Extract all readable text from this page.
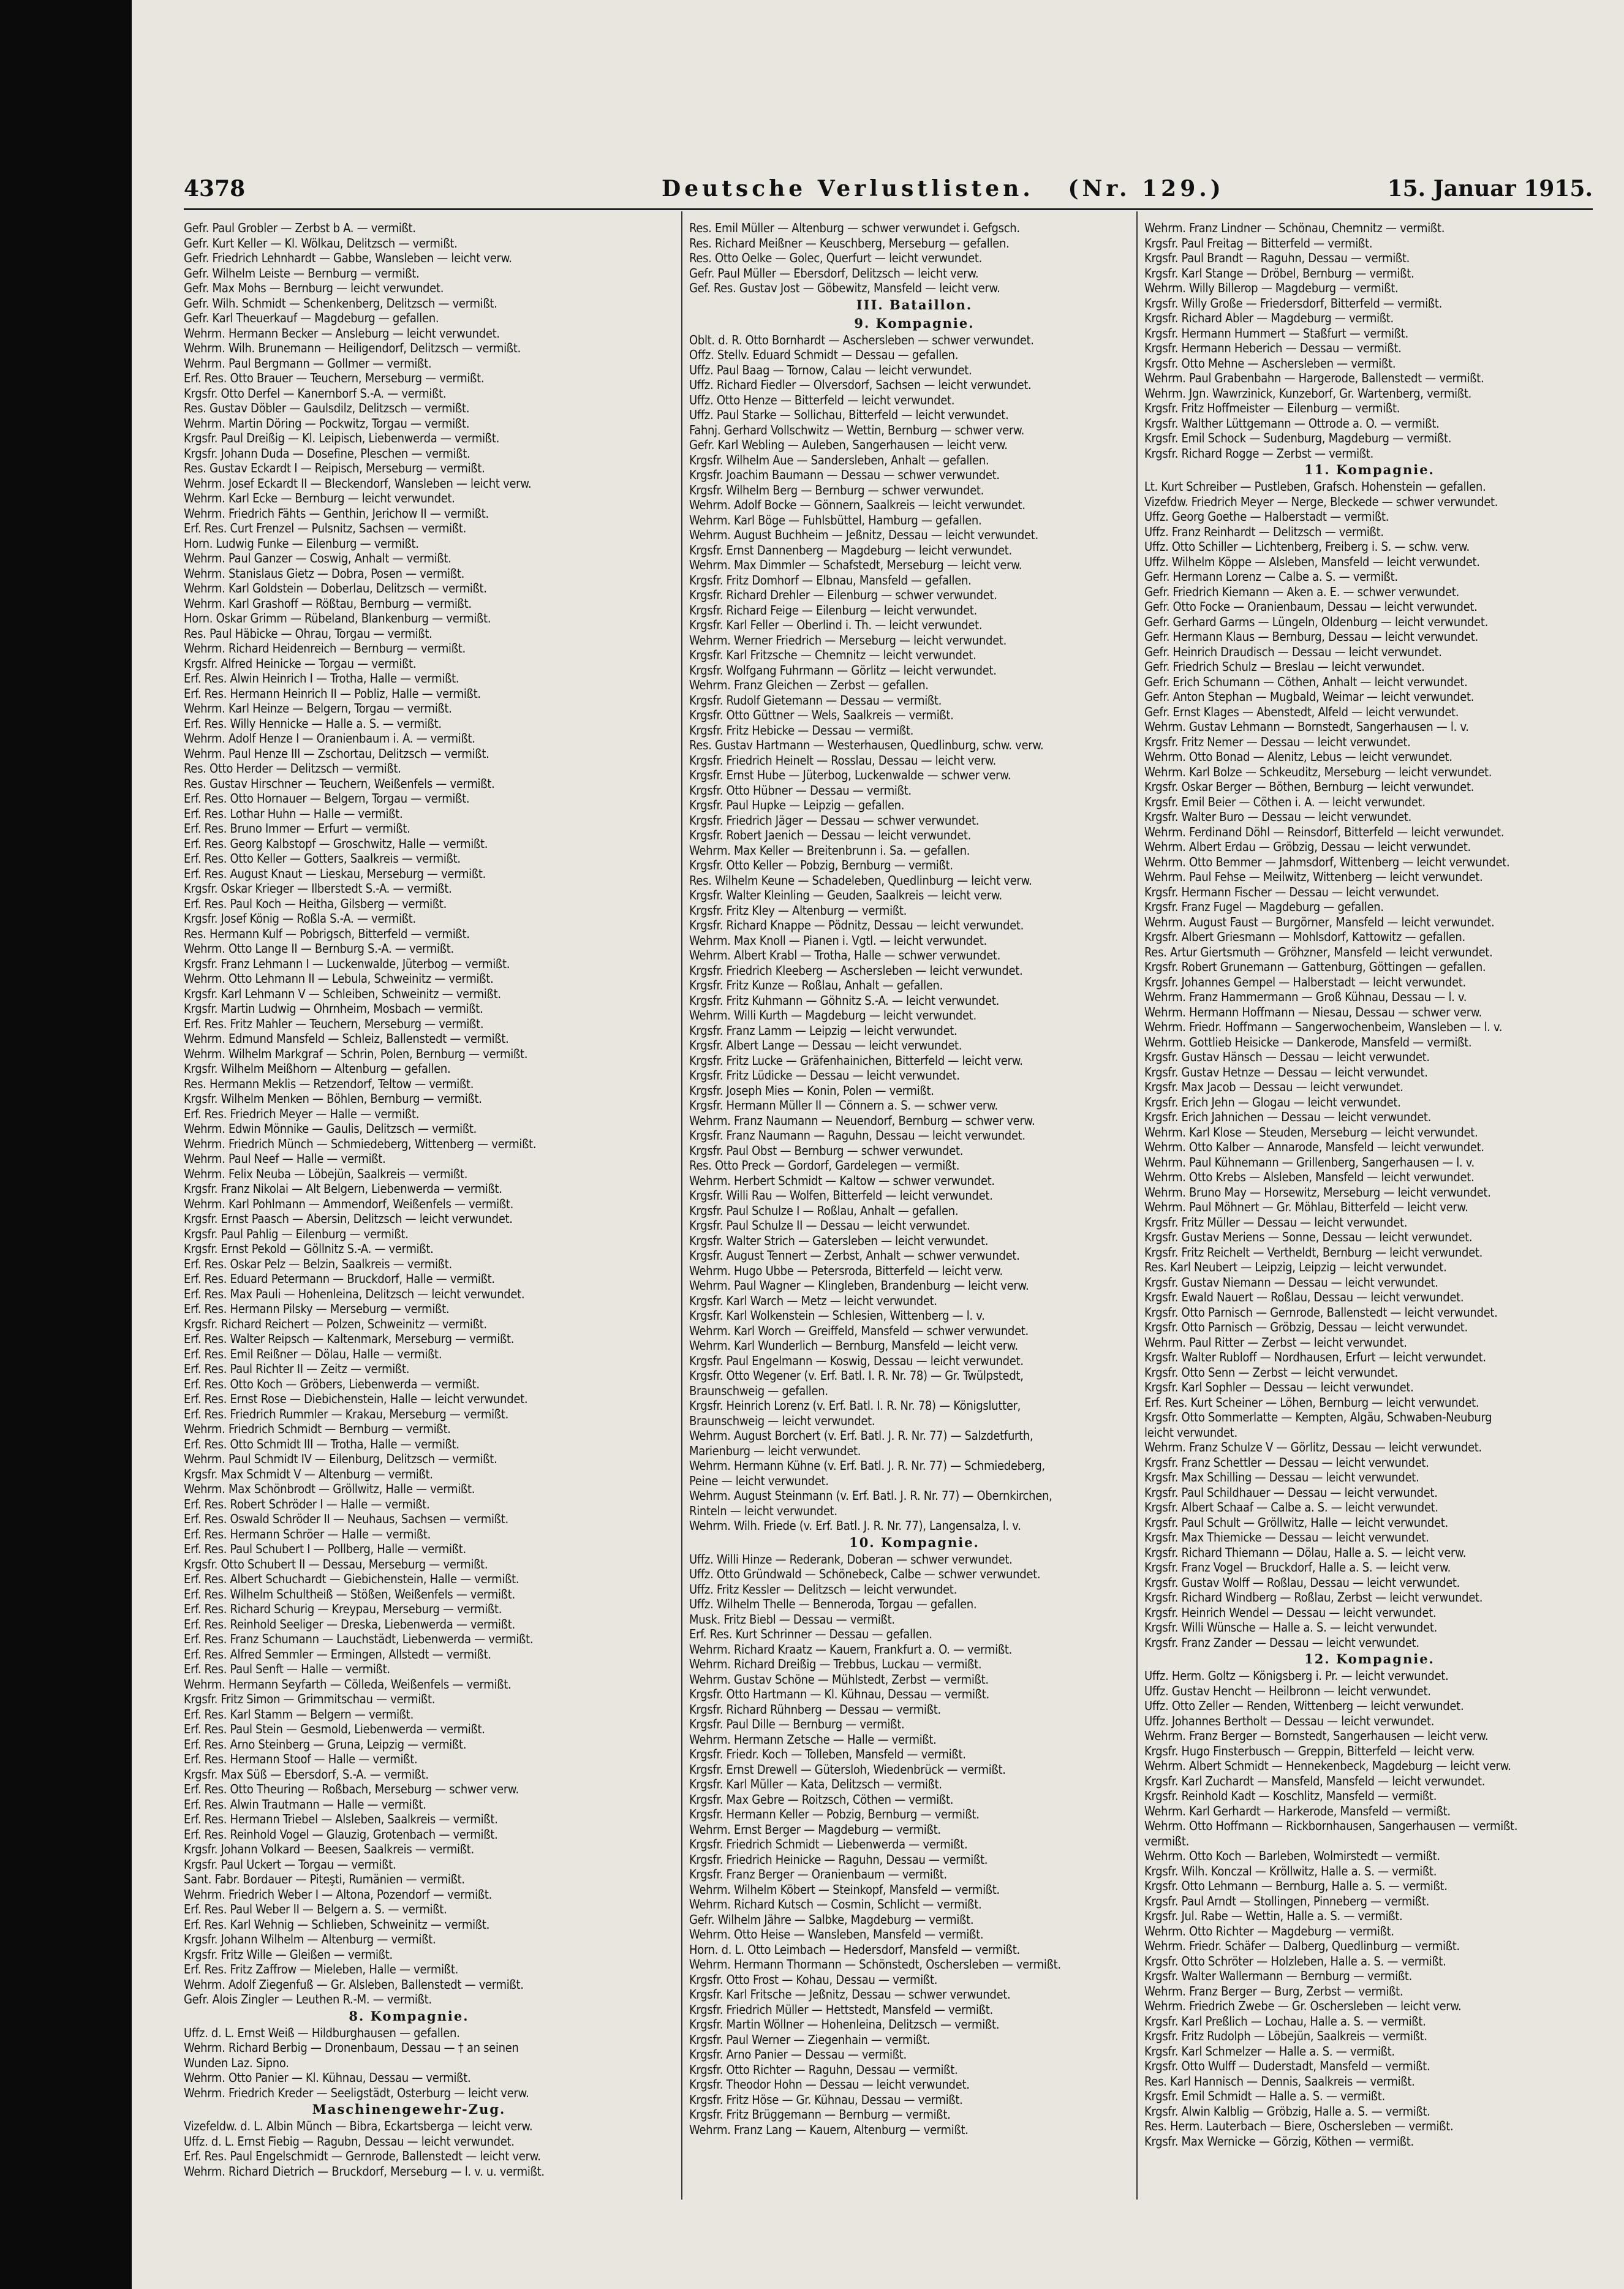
4378	Deutsche Verlustlisten. (Nr. 129.)	15. Januar 1915.
Gefr. Paul Grobler — Zerbst b A. — vermißt.
Gefr. Kurt Keller — Kl. Wölkau, Delitzsch — vermißt.
Gefr. Friedrich Lehnhardt — Gabbe, Wansleben — leicht verw.
Gefr. Wilhelm Leiste — Bernburg — vermißt.
Gefr. Max Mohs — Bernburg — leicht verwundet.
Gefr. Wilh. Schmidt — Schenkenberg, Delitzsch — vermißt.
Gefr. Karl Theuerkauf — Magdeburg — gefallen.
Wehrm. Hermann Becker — Ansleburg — leicht verwundet.
Wehrm. Wilh. Brunemann — Heiligendorf, Delitzsch — vermißt.
Wehrm. Paul Bergmann — Gollmer — vermißt.
Erf. Res. Otto Brauer — Teuchern, Merseburg — vermißt.
Krgsfr. Otto Derfel — Kanernborf S.-A. — vermißt.
Res. Gustav Döbler — Gaulsdilz, Delitzsch — vermißt.
Wehrm. Martin Döring — Pockwitz, Torgau — vermißt.
Krgsfr. Paul Dreißig — Kl. Leipisch, Liebenwerda — vermißt.
Krgsfr. Johann Duda — Dosefine, Pleschen — vermißt.
Res. Gustav Eckardt I — Reipisch, Merseburg — vermißt.
Wehrm. Josef Eckardt II — Bleckendorf, Wansleben — leicht verw.
Wehrm. Karl Ecke — Bernburg — leicht verwundet.
Wehrm. Friedrich Fähts — Genthin, Jerichow II — vermißt.
Erf. Res. Curt Frenzel — Pulsnitz, Sachsen — vermißt.
Horn. Ludwig Funke — Eilenburg — vermißt.
Wehrm. Paul Ganzer — Coswig, Anhalt — vermißt.
Wehrm. Stanislaus Gietz — Dobra, Posen — vermißt.
Wehrm. Karl Goldstein — Doberlau, Delitzsch — vermißt.
Wehrm. Karl Grashoff — Rößtau, Bernburg — vermißt.
Horn. Oskar Grimm — Rübeland, Blankenburg — vermißt.
Res. Paul Häbicke — Ohrau, Torgau — vermißt.
Wehrm. Richard Heidenreich — Bernburg — vermißt.
Krgsfr. Alfred Heinicke — Torgau — vermißt.
Erf. Res. Alwin Heinrich I — Trotha, Halle — vermißt.
Erf. Res. Hermann Heinrich II — Pobliz, Halle — vermißt.
Wehrm. Karl Heinze — Belgern, Torgau — vermißt.
Erf. Res. Willy Hennicke — Halle a. S. — vermißt.
Wehrm. Adolf Henze I — Oranienbaum i. A. — vermißt.
Wehrm. Paul Henze III — Zschortau, Delitzsch — vermißt.
Res. Otto Herder — Delitzsch — vermißt.
Res. Gustav Hirschner — Teuchern, Weißenfels — vermißt.
Erf. Res. Otto Hornauer — Belgern, Torgau — vermißt.
Erf. Res. Lothar Huhn — Halle — vermißt.
Erf. Res. Bruno Immer — Erfurt — vermißt.
Erf. Res. Georg Kalbstopf — Groschwitz, Halle — vermißt.
Erf. Res. Otto Keller — Gotters, Saalkreis — vermißt.
Erf. Res. August Knaut — Lieskau, Merseburg — vermißt.
Krgsfr. Oskar Krieger — Ilberstedt S.-A. — vermißt.
Erf. Res. Paul Koch — Heitha, Gilsberg — vermißt.
Krgsfr. Josef König — Roßla S.-A. — vermißt.
Res. Hermann Kulf — Pobrigsch, Bitterfeld — vermißt.
Wehrm. Otto Lange II — Bernburg S.-A. — vermißt.
Krgsfr. Franz Lehmann I — Luckenwalde, Jüterbog — vermißt.
Wehrm. Otto Lehmann II — Lebula, Schweinitz — vermißt.
Krgsfr. Karl Lehmann V — Schleiben, Schweinitz — vermißt.
Krgsfr. Martin Ludwig — Ohrnheim, Mosbach — vermißt.
Erf. Res. Fritz Mahler — Teuchern, Merseburg — vermißt.
Wehrm. Edmund Mansfeld — Schleiz, Ballenstedt — vermißt.
Wehrm. Wilhelm Markgraf — Schrin, Polen, Bernburg — vermißt.
Krgsfr. Wilhelm Meißhorn — Altenburg — gefallen.
Res. Hermann Meklis — Retzendorf, Teltow — vermißt.
Krgsfr. Wilhelm Menken — Böhlen, Bernburg — vermißt.
Erf. Res. Friedrich Meyer — Halle — vermißt.
Wehrm. Edwin Mönnike — Gaulis, Delitzsch — vermißt.
Wehrm. Friedrich Münch — Schmiedeberg, Wittenberg — vermißt.
Wehrm. Paul Neef — Halle — vermißt.
Wehrm. Felix Neuba — Löbejün, Saalkreis — vermißt.
Krgsfr. Franz Nikolai — Alt Belgern, Liebenwerda — vermißt.
Wehrm. Karl Pohlmann — Ammendorf, Weißenfels — vermißt.
Krgsfr. Ernst Paasch — Abersin, Delitzsch — leicht verwundet.
Krgsfr. Paul Pahlig — Eilenburg — vermißt.
Krgsfr. Ernst Pekold — Göllnitz S.-A. — vermißt.
Erf. Res. Oskar Pelz — Belzin, Saalkreis — vermißt.
Erf. Res. Eduard Petermann — Bruckdorf, Halle — vermißt.
Erf. Res. Max Pauli — Hohenleina, Delitzsch — leicht verwundet.
Erf. Res. Hermann Pilsky — Merseburg — vermißt.
Krgsfr. Richard Reichert — Polzen, Schweinitz — vermißt.
Erf. Res. Walter Reipsch — Kaltenmark, Merseburg — vermißt.
Erf. Res. Emil Reißner — Dölau, Halle — vermißt.
Erf. Res. Paul Richter II — Zeitz — vermißt.
Erf. Res. Otto Koch — Gröbers, Liebenwerda — vermißt.
Erf. Res. Ernst Rose — Diebichenstein, Halle — leicht verwundet.
Erf. Res. Friedrich Rummler — Krakau, Merseburg — vermißt.
Wehrm. Friedrich Schmidt — Bernburg — vermißt.
Erf. Res. Otto Schmidt III — Trotha, Halle — vermißt.
Wehrm. Paul Schmidt IV — Eilenburg, Delitzsch — vermißt.
Krgsfr. Max Schmidt V — Altenburg — vermißt.
Wehrm. Max Schönbrodt — Gröllwitz, Halle — vermißt.
Erf. Res. Robert Schröder I — Halle — vermißt.
Erf. Res. Oswald Schröder II — Neuhaus, Sachsen — vermißt.
Erf. Res. Hermann Schröer — Halle — vermißt.
Erf. Res. Paul Schubert I — Pollberg, Halle — vermißt.
Krgsfr. Otto Schubert II — Dessau, Merseburg — vermißt.
Erf. Res. Albert Schuchardt — Giebichenstein, Halle — vermißt.
Erf. Res. Wilhelm Schultheiß — Stößen, Weißenfels — vermißt.
Erf. Res. Richard Schurig — Kreypau, Merseburg — vermißt.
Erf. Res. Reinhold Seeliger — Dreska, Liebenwerda — vermißt.
Erf. Res. Franz Schumann — Lauchstädt, Liebenwerda — vermißt.
Erf. Res. Alfred Semmler — Ermingen, Allstedt — vermißt.
Erf. Res. Paul Senft — Halle — vermißt.
Wehrm. Hermann Seyfarth — Cölleda, Weißenfels — vermißt.
Krgsfr. Fritz Simon — Grimmitschau — vermißt.
Erf. Res. Karl Stamm — Belgern — vermißt.
Erf. Res. Paul Stein — Gesmold, Liebenwerda — vermißt.
Erf. Res. Arno Steinberg — Gruna, Leipzig — vermißt.
Erf. Res. Hermann Stoof — Halle — vermißt.
Krgsfr. Max Süß — Ebersdorf, S.-A. — vermißt.
Erf. Res. Otto Theuring — Roßbach, Merseburg — schwer verw.
Erf. Res. Alwin Trautmann — Halle — vermißt.
Erf. Res. Hermann Triebel — Alsleben, Saalkreis — vermißt.
Erf. Res. Reinhold Vogel — Glauzig, Grotenbach — vermißt.
Krgsfr. Johann Volkard — Beesen, Saalkreis — vermißt.
Krgsfr. Paul Uckert — Torgau — vermißt.
Sant. Fabr. Bordauer — Piteşti, Rumänien — vermißt.
Wehrm. Friedrich Weber I — Altona, Pozendorf — vermißt.
Erf. Res. Paul Weber II — Belgern a. S. — vermißt.
Erf. Res. Karl Wehnig — Schlieben, Schweinitz — vermißt.
Krgsfr. Johann Wilhelm — Altenburg — vermißt.
Krgsfr. Fritz Wille — Gleißen — vermißt.
Erf. Res. Fritz Zaffrow — Mieleben, Halle — vermißt.
Wehrm. Adolf Ziegenfuß — Gr. Alsleben, Ballenstedt — vermißt.
Gefr. Alois Zingler — Leuthen R.-M. — vermißt.
8. Kompagnie.
Uffz. d. L. Ernst Weiß — Hildburghausen — gefallen.
Wehrm. Richard Berbig — Dronenbaum, Dessau — † an seinen
Wunden Laz. Sipno.
Wehrm. Otto Panier — Kl. Kühnau, Dessau — vermißt.
Wehrm. Friedrich Kreder — Seeligstädt, Osterburg — leicht verw.
Maschinengewehr-Zug.
Vizefeldw. d. L. Albin Münch — Bibra, Eckartsberga — leicht verw.
Uffz. d. L. Ernst Fiebig — Ragubn, Dessau — leicht verwundet.
Erf. Res. Paul Engelschmidt — Gernrode, Ballenstedt — leicht verw.
Wehrm. Richard Dietrich — Bruckdorf, Merseburg — l. v. u. vermißt.
Res. Emil Müller — Altenburg — schwer verwundet i. Gefgsch.
Res. Richard Meißner — Keuschberg, Merseburg — gefallen.
Res. Otto Oelke — Golec, Querfurt — leicht verwundet.
Gefr. Paul Müller — Ebersdorf, Delitzsch — leicht verw.
Gef. Res. Gustav Jost — Göbewitz, Mansfeld — leicht verw.
III. Bataillon.
9. Kompagnie.
Oblt. d. R. Otto Bornhardt — Aschersleben — schwer verwundet.
Offz. Stellv. Eduard Schmidt — Dessau — gefallen.
Uffz. Paul Baag — Tornow, Calau — leicht verwundet.
Uffz. Richard Fiedler — Olversdorf, Sachsen — leicht verwundet.
Uffz. Otto Henze — Bitterfeld — leicht verwundet.
Uffz. Paul Starke — Sollichau, Bitterfeld — leicht verwundet.
Fahnj. Gerhard Vollschwitz — Wettin, Bernburg — schwer verw.
Gefr. Karl Webling — Auleben, Sangerhausen — leicht verw.
Krgsfr. Wilhelm Aue — Sandersleben, Anhalt — gefallen.
Krgsfr. Joachim Baumann — Dessau — schwer verwundet.
Krgsfr. Wilhelm Berg — Bernburg — schwer verwundet.
Wehrm. Adolf Bocke — Gönnern, Saalkreis — leicht verwundet.
Wehrm. Karl Böge — Fuhlsbüttel, Hamburg — gefallen.
Wehrm. August Buchheim — Jeßnitz, Dessau — leicht verwundet.
Krgsfr. Ernst Dannenberg — Magdeburg — leicht verwundet.
Wehrm. Max Dimmler — Schafstedt, Merseburg — leicht verw.
Krgsfr. Fritz Domhorf — Elbnau, Mansfeld — gefallen.
Krgsfr. Richard Drehler — Eilenburg — schwer verwundet.
Krgsfr. Richard Feige — Eilenburg — leicht verwundet.
Krgsfr. Karl Feller — Oberlind i. Th. — leicht verwundet.
Wehrm. Werner Friedrich — Merseburg — leicht verwundet.
Krgsfr. Karl Fritzsche — Chemnitz — leicht verwundet.
Krgsfr. Wolfgang Fuhrmann — Görlitz — leicht verwundet.
Wehrm. Franz Gleichen — Zerbst — gefallen.
Krgsfr. Rudolf Gietemann — Dessau — vermißt.
Krgsfr. Otto Güttner — Wels, Saalkreis — vermißt.
Krgsfr. Fritz Hebicke — Dessau — vermißt.
Res. Gustav Hartmann — Westerhausen, Quedlinburg, schw. verw.
Krgsfr. Friedrich Heinelt — Rosslau, Dessau — leicht verw.
Krgsfr. Ernst Hube — Jüterbog, Luckenwalde — schwer verw.
Krgsfr. Otto Hübner — Dessau — vermißt.
Krgsfr. Paul Hupke — Leipzig — gefallen.
Krgsfr. Friedrich Jäger — Dessau — schwer verwundet.
Krgsfr. Robert Jaenich — Dessau — leicht verwundet.
Wehrm. Max Keller — Breitenbrunn i. Sa. — gefallen.
Krgsfr. Otto Keller — Pobzig, Bernburg — vermißt.
Res. Wilhelm Keune — Schadeleben, Quedlinburg — leicht verw.
Krgsfr. Walter Kleinling — Geuden, Saalkreis — leicht verw.
Krgsfr. Fritz Kley — Altenburg — vermißt.
Krgsfr. Richard Knappe — Pödnitz, Dessau — leicht verwundet.
Wehrm. Max Knoll — Pianen i. Vgtl. — leicht verwundet.
Wehrm. Albert Krabl — Trotha, Halle — schwer verwundet.
Krgsfr. Friedrich Kleeberg — Aschersleben — leicht verwundet.
Krgsfr. Fritz Kunze — Roßlau, Anhalt — gefallen.
Krgsfr. Fritz Kuhmann — Göhnitz S.-A. — leicht verwundet.
Wehrm. Willi Kurth — Magdeburg — leicht verwundet.
Krgsfr. Franz Lamm — Leipzig — leicht verwundet.
Krgsfr. Albert Lange — Dessau — leicht verwundet.
Krgsfr. Fritz Lucke — Gräfenhainichen, Bitterfeld — leicht verw.
Krgsfr. Fritz Lüdicke — Dessau — leicht verwundet.
Krgsfr. Joseph Mies — Konin, Polen — vermißt.
Krgsfr. Hermann Müller II — Cönnern a. S. — schwer verw.
Wehrm. Franz Naumann — Neuendorf, Bernburg — schwer verw.
Krgsfr. Franz Naumann — Raguhn, Dessau — leicht verwundet.
Krgsfr. Paul Obst — Bernburg — schwer verwundet.
Res. Otto Preck — Gordorf, Gardelegen — vermißt.
Wehrm. Herbert Schmidt — Kaltow — schwer verwundet.
Krgsfr. Willi Rau — Wolfen, Bitterfeld — leicht verwundet.
Krgsfr. Paul Schulze I — Roßlau, Anhalt — gefallen.
Krgsfr. Paul Schulze II — Dessau — leicht verwundet.
Krgsfr. Walter Strich — Gatersleben — leicht verwundet.
Krgsfr. August Tennert — Zerbst, Anhalt — schwer verwundet.
Wehrm. Hugo Ubbe — Petersroda, Bitterfeld — leicht verw.
Wehrm. Paul Wagner — Klingleben, Brandenburg — leicht verw.
Krgsfr. Karl Warch — Metz — leicht verwundet.
Krgsfr. Karl Wolkenstein — Schlesien, Wittenberg — l. v.
Wehrm. Karl Worch — Greiffeld, Mansfeld — schwer verwundet.
Wehrm. Karl Wunderlich — Bernburg, Mansfeld — leicht verw.
Krgsfr. Paul Engelmann — Koswig, Dessau — leicht verwundet.
Krgsfr. Otto Wegener (v. Erf. Batl. I. R. Nr. 78) — Gr. Twülpstedt,
Braunschweig — gefallen.
Krgsfr. Heinrich Lorenz (v. Erf. Batl. I. R. Nr. 78) — Königslutter,
Braunschweig — leicht verwundet.
Wehrm. August Borchert (v. Erf. Batl. J. R. Nr. 77) — Salzdetfurth,
Marienburg — leicht verwundet.
Wehrm. Hermann Kühne (v. Erf. Batl. J. R. Nr. 77) — Schmiedeberg,
Peine — leicht verwundet.
Wehrm. August Steinmann (v. Erf. Batl. J. R. Nr. 77) — Obernkirchen,
Rinteln — leicht verwundet.
Wehrm. Wilh. Friede (v. Erf. Batl. J. R. Nr. 77), Langensalza, l. v.
10. Kompagnie.
Uffz. Willi Hinze — Rederank, Doberan — schwer verwundet.
Uffz. Otto Gründwald — Schönebeck, Calbe — schwer verwundet.
Uffz. Fritz Kessler — Delitzsch — leicht verwundet.
Uffz. Wilhelm Thelle — Benneroda, Torgau — gefallen.
Musk. Fritz Biebl — Dessau — vermißt.
Erf. Res. Kurt Schrinner — Dessau — gefallen.
Wehrm. Richard Kraatz — Kauern, Frankfurt a. O. — vermißt.
Wehrm. Richard Dreißig — Trebbus, Luckau — vermißt.
Wehrm. Gustav Schöne — Mühlstedt, Zerbst — vermißt.
Krgsfr. Otto Hartmann — Kl. Kühnau, Dessau — vermißt.
Krgsfr. Richard Rühnberg — Dessau — vermißt.
Krgsfr. Paul Dille — Bernburg — vermißt.
Wehrm. Hermann Zetsche — Halle — vermißt.
Krgsfr. Friedr. Koch — Tolleben, Mansfeld — vermißt.
Krgsfr. Ernst Drewell — Gütersloh, Wiedenbrück — vermißt.
Krgsfr. Karl Müller — Kata, Delitzsch — vermißt.
Krgsfr. Max Gebre — Roitzsch, Cöthen — vermißt.
Krgsfr. Hermann Keller — Pobzig, Bernburg — vermißt.
Wehrm. Ernst Berger — Magdeburg — vermißt.
Krgsfr. Friedrich Schmidt — Liebenwerda — vermißt.
Krgsfr. Friedrich Heinicke — Raguhn, Dessau — vermißt.
Krgsfr. Franz Berger — Oranienbaum — vermißt.
Wehrm. Wilhelm Köbert — Steinkopf, Mansfeld — vermißt.
Wehrm. Richard Kutsch — Cosmin, Schlicht — vermißt.
Gefr. Wilhelm Jähre — Salbke, Magdeburg — vermißt.
Wehrm. Otto Heise — Wansleben, Mansfeld — vermißt.
Horn. d. L. Otto Leimbach — Hedersdorf, Mansfeld — vermißt.
Wehrm. Hermann Thormann — Schönstedt, Oschersleben — vermißt.
Krgsfr. Otto Frost — Kohau, Dessau — vermißt.
Krgsfr. Karl Fritsche — Jeßnitz, Dessau — schwer verwundet.
Krgsfr. Friedrich Müller — Hettstedt, Mansfeld — vermißt.
Krgsfr. Martin Wöllner — Hohenleina, Delitzsch — vermißt.
Krgsfr. Paul Werner — Ziegenhain — vermißt.
Krgsfr. Arno Panier — Dessau — vermißt.
Krgsfr. Otto Richter — Raguhn, Dessau — vermißt.
Krgsfr. Theodor Hohn — Dessau — leicht verwundet.
Krgsfr. Fritz Höse — Gr. Kühnau, Dessau — vermißt.
Krgsfr. Fritz Brüggemann — Bernburg — vermißt.
Wehrm. Franz Lang — Kauern, Altenburg — vermißt.
Wehrm. Franz Lindner — Schönau, Chemnitz — vermißt.
Krgsfr. Paul Freitag — Bitterfeld — vermißt.
Krgsfr. Paul Brandt — Raguhn, Dessau — vermißt.
Krgsfr. Karl Stange — Dröbel, Bernburg — vermißt.
Wehrm. Willy Billerop — Magdeburg — vermißt.
Krgsfr. Willy Große — Friedersdorf, Bitterfeld — vermißt.
Krgsfr. Richard Abler — Magdeburg — vermißt.
Krgsfr. Hermann Hummert — Staßfurt — vermißt.
Krgsfr. Hermann Heberich — Dessau — vermißt.
Krgsfr. Otto Mehne — Aschersleben — vermißt.
Wehrm. Paul Grabenbahn — Hargerode, Ballenstedt — vermißt.
Wehrm. Jgn. Wawrzinick, Kunzeborf, Gr. Wartenberg, vermißt.
Krgsfr. Fritz Hoffmeister — Eilenburg — vermißt.
Krgsfr. Walther Lüttgemann — Ottrode a. O. — vermißt.
Krgsfr. Emil Schock — Sudenburg, Magdeburg — vermißt.
Krgsfr. Richard Rogge — Zerbst — vermißt.
11. Kompagnie.
Lt. Kurt Schreiber — Pustleben, Grafsch. Hohenstein — gefallen.
Vizefdw. Friedrich Meyer — Nerge, Bleckede — schwer verwundet.
Uffz. Georg Goethe — Halberstadt — vermißt.
Uffz. Franz Reinhardt — Delitzsch — vermißt.
Uffz. Otto Schiller — Lichtenberg, Freiberg i. S. — schw. verw.
Uffz. Wilhelm Köppe — Alsleben, Mansfeld — leicht verwundet.
Gefr. Hermann Lorenz — Calbe a. S. — vermißt.
Gefr. Friedrich Kiemann — Aken a. E. — schwer verwundet.
Gefr. Otto Focke — Oranienbaum, Dessau — leicht verwundet.
Gefr. Gerhard Garms — Lüngeln, Oldenburg — leicht verwundet.
Gefr. Hermann Klaus — Bernburg, Dessau — leicht verwundet.
Gefr. Heinrich Draudisch — Dessau — leicht verwundet.
Gefr. Friedrich Schulz — Breslau — leicht verwundet.
Gefr. Erich Schumann — Cöthen, Anhalt — leicht verwundet.
Gefr. Anton Stephan — Mugbald, Weimar — leicht verwundet.
Gefr. Ernst Klages — Abenstedt, Alfeld — leicht verwundet.
Wehrm. Gustav Lehmann — Bornstedt, Sangerhausen — l. v.
Krgsfr. Fritz Nemer — Dessau — leicht verwundet.
Wehrm. Otto Bonad — Alenitz, Lebus — leicht verwundet.
Wehrm. Karl Bolze — Schkeuditz, Merseburg — leicht verwundet.
Krgsfr. Oskar Berger — Böthen, Bernburg — leicht verwundet.
Krgsfr. Emil Beier — Cöthen i. A. — leicht verwundet.
Krgsfr. Walter Buro — Dessau — leicht verwundet.
Wehrm. Ferdinand Döhl — Reinsdorf, Bitterfeld — leicht verwundet.
Wehrm. Albert Erdau — Gröbzig, Dessau — leicht verwundet.
Wehrm. Otto Bemmer — Jahmsdorf, Wittenberg — leicht verwundet.
Wehrm. Paul Fehse — Meilwitz, Wittenberg — leicht verwundet.
Krgsfr. Hermann Fischer — Dessau — leicht verwundet.
Krgsfr. Franz Fugel — Magdeburg — gefallen.
Wehrm. August Faust — Burgörner, Mansfeld — leicht verwundet.
Krgsfr. Albert Griesmann — Mohlsdorf, Kattowitz — gefallen.
Res. Artur Giertsmuth — Gröhzner, Mansfeld — leicht verwundet.
Krgsfr. Robert Grunemann — Gattenburg, Göttingen — gefallen.
Krgsfr. Johannes Gempel — Halberstadt — leicht verwundet.
Wehrm. Franz Hammermann — Groß Kühnau, Dessau — l. v.
Wehrm. Hermann Hoffmann — Niesau, Dessau — schwer verw.
Wehrm. Friedr. Hoffmann — Sangerwochenbeim, Wansleben — l. v.
Wehrm. Gottlieb Heisicke — Dankerode, Mansfeld — vermißt.
Krgsfr. Gustav Hänsch — Dessau — leicht verwundet.
Krgsfr. Gustav Hetnze — Dessau — leicht verwundet.
Krgsfr. Max Jacob — Dessau — leicht verwundet.
Krgsfr. Erich Jehn — Glogau — leicht verwundet.
Krgsfr. Erich Jahnichen — Dessau — leicht verwundet.
Wehrm. Karl Klose — Steuden, Merseburg — leicht verwundet.
Wehrm. Otto Kalber — Annarode, Mansfeld — leicht verwundet.
Wehrm. Paul Kühnemann — Grillenberg, Sangerhausen — l. v.
Wehrm. Otto Krebs — Alsleben, Mansfeld — leicht verwundet.
Wehrm. Bruno May — Horsewitz, Merseburg — leicht verwundet.
Wehrm. Paul Möhnert — Gr. Möhlau, Bitterfeld — leicht verw.
Krgsfr. Fritz Müller — Dessau — leicht verwundet.
Krgsfr. Gustav Meriens — Sonne, Dessau — leicht verwundet.
Krgsfr. Fritz Reichelt — Vertheldt, Bernburg — leicht verwundet.
Res. Karl Neubert — Leipzig, Leipzig — leicht verwundet.
Krgsfr. Gustav Niemann — Dessau — leicht verwundet.
Krgsfr. Ewald Nauert — Roßlau, Dessau — leicht verwundet.
Krgsfr. Otto Parnisch — Gernrode, Ballenstedt — leicht verwundet.
Krgsfr. Otto Parnisch — Gröbzig, Dessau — leicht verwundet.
Wehrm. Paul Ritter — Zerbst — leicht verwundet.
Krgsfr. Walter Rubloff — Nordhausen, Erfurt — leicht verwundet.
Krgsfr. Otto Senn — Zerbst — leicht verwundet.
Krgsfr. Karl Sophler — Dessau — leicht verwundet.
Erf. Res. Kurt Scheiner — Löhen, Bernburg — leicht verwundet.
Krgsfr. Otto Sommerlatte — Kempten, Algäu, Schwaben-Neuburg
leicht verwundet.
Wehrm. Franz Schulze V — Görlitz, Dessau — leicht verwundet.
Krgsfr. Franz Schettler — Dessau — leicht verwundet.
Krgsfr. Max Schilling — Dessau — leicht verwundet.
Krgsfr. Paul Schildhauer — Dessau — leicht verwundet.
Krgsfr. Albert Schaaf — Calbe a. S. — leicht verwundet.
Krgsfr. Paul Schult — Gröllwitz, Halle — leicht verwundet.
Krgsfr. Max Thiemicke — Dessau — leicht verwundet.
Krgsfr. Richard Thiemann — Dölau, Halle a. S. — leicht verw.
Krgsfr. Franz Vogel — Bruckdorf, Halle a. S. — leicht verw.
Krgsfr. Gustav Wolff — Roßlau, Dessau — leicht verwundet.
Krgsfr. Richard Windberg — Roßlau, Zerbst — leicht verwundet.
Krgsfr. Heinrich Wendel — Dessau — leicht verwundet.
Krgsfr. Willi Wünsche — Halle a. S. — leicht verwundet.
Krgsfr. Franz Zander — Dessau — leicht verwundet.
12. Kompagnie.
Uffz. Herm. Goltz — Königsberg i. Pr. — leicht verwundet.
Uffz. Gustav Hencht — Heilbronn — leicht verwundet.
Uffz. Otto Zeller — Renden, Wittenberg — leicht verwundet.
Uffz. Johannes Bertholt — Dessau — leicht verwundet.
Wehrm. Franz Berger — Bornstedt, Sangerhausen — leicht verw.
Krgsfr. Hugo Finsterbusch — Greppin, Bitterfeld — leicht verw.
Wehrm. Albert Schmidt — Hennekenbeck, Magdeburg — leicht verw.
Krgsfr. Karl Zuchardt — Mansfeld, Mansfeld — leicht verwundet.
Krgsfr. Reinhold Kadt — Koschlitz, Mansfeld — vermißt.
Wehrm. Karl Gerhardt — Harkerode, Mansfeld — vermißt.
Wehrm. Otto Hoffmann — Rickbornhausen, Sangerhausen — vermißt.
vermißt.
Wehrm. Otto Koch — Barleben, Wolmirstedt — vermißt.
Krgsfr. Wilh. Konczal — Kröllwitz, Halle a. S. — vermißt.
Krgsfr. Otto Lehmann — Bernburg, Halle a. S. — vermißt.
Krgsfr. Paul Arndt — Stollingen, Pinneberg — vermißt.
Krgsfr. Jul. Rabe — Wettin, Halle a. S. — vermißt.
Wehrm. Otto Richter — Magdeburg — vermißt.
Wehrm. Friedr. Schäfer — Dalberg, Quedlinburg — vermißt.
Krgsfr. Otto Schröter — Holzleben, Halle a. S. — vermißt.
Krgsfr. Walter Wallermann — Bernburg — vermißt.
Wehrm. Franz Berger — Burg, Zerbst — vermißt.
Wehrm. Friedrich Zwebe — Gr. Oschersleben — leicht verw.
Krgsfr. Karl Preßlich — Lochau, Halle a. S. — vermißt.
Krgsfr. Fritz Rudolph — Löbejün, Saalkreis — vermißt.
Krgsfr. Karl Schmelzer — Halle a. S. — vermißt.
Krgsfr. Otto Wulff — Duderstadt, Mansfeld — vermißt.
Res. Karl Hannisch — Dennis, Saalkreis — vermißt.
Krgsfr. Emil Schmidt — Halle a. S. — vermißt.
Krgsfr. Alwin Kalblig — Gröbzig, Halle a. S. — vermißt.
Res. Herm. Lauterbach — Biere, Oschersleben — vermißt.
Krgsfr. Max Wernicke — Görzig, Köthen — vermißt.
